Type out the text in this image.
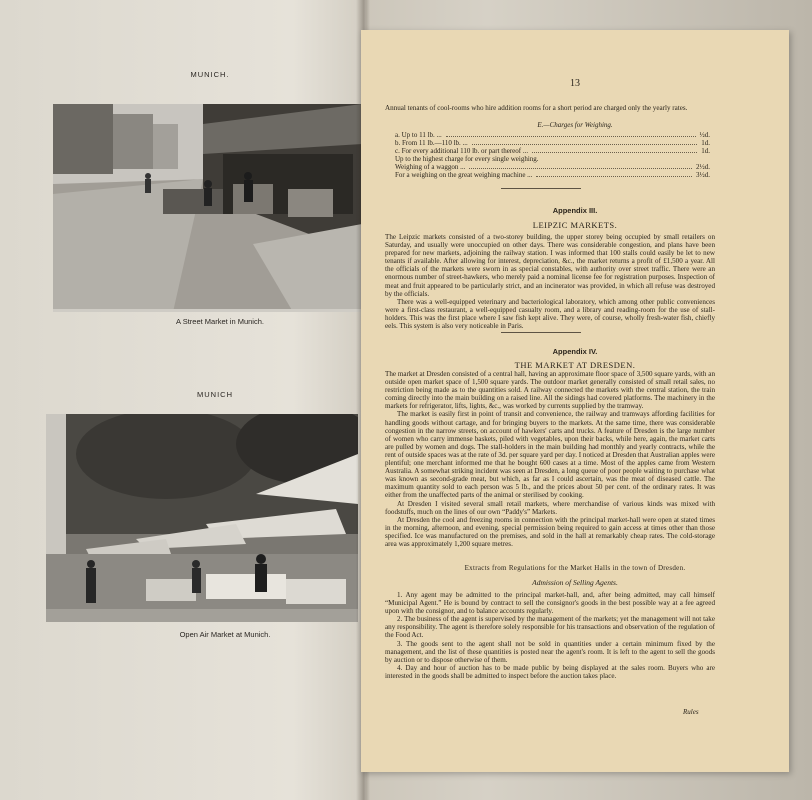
MUNICH.
A Street Market in Munich.
MUNICH
Open Air Market at Munich.
13

Annual tenants of cool-rooms who hire addition rooms for a short period are charged only the yearly rates.

E.—Charges for Weighing.
a. Up to 11 lb. ...	½d.
b. From 11 lb.—110 lb. ...	1d.
c. For every additional 110 lb. or part thereof ...	1d.
Up to the highest charge for every single weighing.
Weighing of a waggon ...	2½d.
For a weighing on the great weighing machine ...	3½d.
Appendix III.
LEIPZIC MARKETS.

The Leipzic markets consisted of a two-storey building, the upper storey being occupied by small retailers on Saturday, and usually were unoccupied on other days. There was considerable congestion, and plans have been prepared for new markets, adjoining the railway station. I was informed that 100 stalls could easily be let to new tenants if available. After allowing for interest, depreciation, &c., the market returns a profit of £1,500 a year. All the officials of the markets were sworn in as special constables, with authority over street traffic. There were an enormous number of street-hawkers, who merely paid a nominal license fee for registration purposes. Inspection of meat and fruit appeared to be particularly strict, and an incinerator was provided, in which all refuse was destroyed by the officials.

There was a well-equipped veterinary and bacteriological laboratory, which among other public conveniences were a first-class restaurant, a well-equipped casualty room, and a library and reading-room for the use of stall-holders. This was the first place where I saw fish kept alive. They were, of course, wholly fresh-water fish, chiefly eels. This system is also very noticeable in Paris.

Appendix IV.
THE MARKET AT DRESDEN.

The market at Dresden consisted of a central hall, having an approximate floor space of 3,500 square yards, with an outside open market space of 1,500 square yards. The outdoor market generally consisted of small retail sales, no restriction being made as to the quantities sold. A railway connected the markets with the central station, the train coming directly into the main building on a raised line. All the sidings had covered platforms. The machinery in the markets for refrigerator, lifts, lights, &c., was worked by currents supplied by the tramway.

The market is easily first in point of transit and convenience, the railway and tramways affording facilities for handling goods without cartage, and for bringing buyers to the markets. At the same time, there was considerable congestion in the narrow streets, on account of hawkers' carts and trucks. A feature of Dresden is the large number of women who carry immense baskets, piled with vegetables, upon their backs, while here, again, the market carts are pulled by women and dogs. The stall-holders in the main building had monthly and yearly contracts, while the rent of outside spaces was at the rate of 3d. per square yard per day. I noticed at Dresden that Australian apples were plentiful; one merchant informed me that he bought 600 cases at a time. Most of the apples came from Western Australia. A somewhat striking incident was seen at Dresden, a long queue of poor people waiting to purchase what was known as second-grade meat, but which, as far as I could ascertain, was the meat of diseased cattle. The maximum quantity sold to each person was 5 lb., and the prices about 50 per cent. of the ordinary rates. It was either from the unaffected parts of the animal or sterilised by cooking.

At Dresden I visited several small retail markets, where merchandise of various kinds was mixed with foodstuffs, much on the lines of our own “Paddy's” Markets.

At Dresden the cool and freezing rooms in connection with the principal market-hall were open at stated times in the morning, afternoon, and evening, special permission being required to gain access at times other than those specified. Ice was manufactured on the premises, and sold in the hall at remarkably cheap rates. The cold-storage area was approximately 1,200 square metres.

Extracts from Regulations for the Market Halls in the town of Dresden.
Admission of Selling Agents.

1. Any agent may be admitted to the principal market-hall, and, after being admitted, may call himself “Municipal Agent.” He is bound by contract to sell the consignor's goods in the best possible way at a fee agreed upon with the consignor, and to balance accounts regularly.

2. The business of the agent is supervised by the management of the markets; yet the management will not take any responsibility. The agent is therefore solely responsible for his transactions and observation of the regulation of the Food Act.

3. The goods sent to the agent shall not be sold in quantities under a certain minimum fixed by the management, and the list of these quantities is posted near the agent's room. It is left to the agent to sell the goods by auction or to dispose otherwise of them.

4. Day and hour of auction has to be made public by being displayed at the sales room. Buyers who are interested in the goods shall be admitted to inspect before the auction takes place.

Rules
